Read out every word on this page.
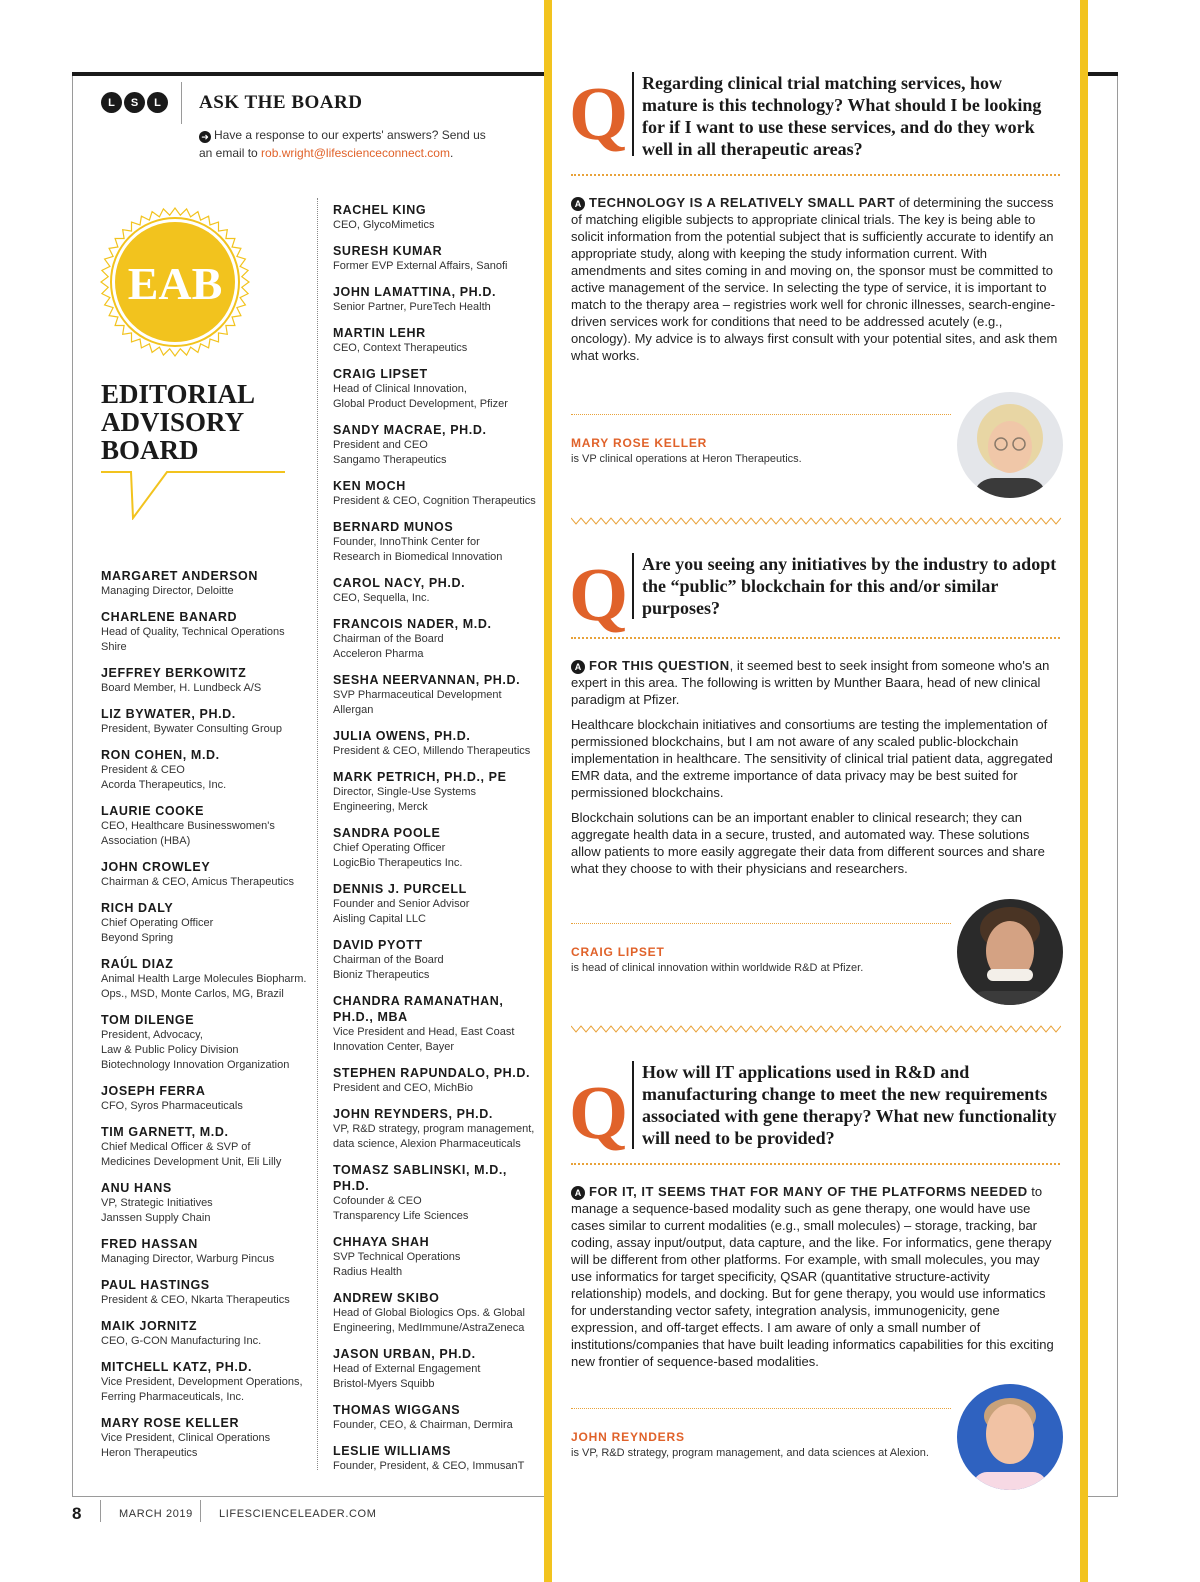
L	S	L	ASK THE BOARD
➜ Have a response to our experts' answers? Send us an email to rob.wright@lifescienceconnect.com.
EAB
EDITORIAL
ADVISORY
BOARD
MARGARET ANDERSON
Managing Director, Deloitte
CHARLENE BANARD
Head of Quality, Technical Operations
Shire
JEFFREY BERKOWITZ
Board Member, H. Lundbeck A/S
LIZ BYWATER, PH.D.
President, Bywater Consulting Group
RON COHEN, M.D.
President & CEO
Acorda Therapeutics, Inc.
LAURIE COOKE
CEO, Healthcare Businesswomen's
Association (HBA)
JOHN CROWLEY
Chairman & CEO, Amicus Therapeutics
RICH DALY
Chief Operating Officer
Beyond Spring
RAÚL DIAZ
Animal Health Large Molecules Biopharm.
Ops., MSD, Monte Carlos, MG, Brazil
TOM DILENGE
President, Advocacy,
Law & Public Policy Division
Biotechnology Innovation Organization
JOSEPH FERRA
CFO, Syros Pharmaceuticals
TIM GARNETT, M.D.
Chief Medical Officer & SVP of
Medicines Development Unit, Eli Lilly
ANU HANS
VP, Strategic Initiatives
Janssen Supply Chain
FRED HASSAN
Managing Director, Warburg Pincus
PAUL HASTINGS
President & CEO, Nkarta Therapeutics
MAIK JORNITZ
CEO, G-CON Manufacturing Inc.
MITCHELL KATZ, PH.D.
Vice President, Development Operations,
Ferring Pharmaceuticals, Inc.
MARY ROSE KELLER
Vice President, Clinical Operations
Heron Therapeutics
RACHEL KING
CEO, GlycoMimetics
SURESH KUMAR
Former EVP External Affairs, Sanofi
JOHN LAMATTINA, PH.D.
Senior Partner, PureTech Health
MARTIN LEHR
CEO, Context Therapeutics
CRAIG LIPSET
Head of Clinical Innovation,
Global Product Development, Pfizer
SANDY MACRAE, PH.D.
President and CEO
Sangamo Therapeutics
KEN MOCH
President & CEO, Cognition Therapeutics
BERNARD MUNOS
Founder, InnoThink Center for
Research in Biomedical Innovation
CAROL NACY, PH.D.
CEO, Sequella, Inc.
FRANCOIS NADER, M.D.
Chairman of the Board
Acceleron Pharma
SESHA NEERVANNAN, PH.D.
SVP Pharmaceutical Development
Allergan
JULIA OWENS, PH.D.
President & CEO, Millendo Therapeutics
MARK PETRICH, PH.D., PE
Director, Single-Use Systems
Engineering, Merck
SANDRA POOLE
Chief Operating Officer
LogicBio Therapeutics Inc.
DENNIS J. PURCELL
Founder and Senior Advisor
Aisling Capital LLC
DAVID PYOTT
Chairman of the Board
Bioniz Therapeutics
CHANDRA RAMANATHAN, PH.D., MBA
Vice President and Head, East Coast
Innovation Center, Bayer
STEPHEN RAPUNDALO, PH.D.
President and CEO, MichBio
JOHN REYNDERS, PH.D.
VP, R&D strategy, program management,
data science, Alexion Pharmaceuticals
TOMASZ SABLINSKI, M.D., PH.D.
Cofounder & CEO
Transparency Life Sciences
CHHAYA SHAH
SVP Technical Operations
Radius Health
ANDREW SKIBO
Head of Global Biologics Ops. & Global
Engineering, MedImmune/AstraZeneca
JASON URBAN, PH.D.
Head of External Engagement
Bristol-Myers Squibb
THOMAS WIGGANS
Founder, CEO, & Chairman, Dermira
LESLIE WILLIAMS
Founder, President, & CEO, ImmusanT
Q Regarding clinical trial matching services, how mature is this technology? What should I be looking for if I want to use these services, and do they work well in all therapeutic areas?

A TECHNOLOGY IS A RELATIVELY SMALL PART of determining the success of matching eligible subjects to appropriate clinical trials. The key is being able to solicit information from the potential subject that is sufficiently accurate to identify an appropriate study, along with keeping the study information current. With amendments and sites coming in and moving on, the sponsor must be committed to active management of the service. In selecting the type of service, it is important to match to the therapy area – registries work well for chronic illnesses, search-engine-driven services work for conditions that need to be addressed acutely (e.g., oncology). My advice is to always first consult with your potential sites, and ask them what works.

MARY ROSE KELLER
is VP clinical operations at Heron Therapeutics.
Q Are you seeing any initiatives by the industry to adopt the “public” blockchain for this and/or similar purposes?

A FOR THIS QUESTION, it seemed best to seek insight from someone who's an expert in this area. The following is written by Munther Baara, head of new clinical paradigm at Pfizer.

Healthcare blockchain initiatives and consortiums are testing the implementation of permissioned blockchains, but I am not aware of any scaled public-blockchain implementation in healthcare. The sensitivity of clinical trial patient data, aggregated EMR data, and the extreme importance of data privacy may be best suited for permissioned blockchains.

Blockchain solutions can be an important enabler to clinical research; they can aggregate health data in a secure, trusted, and automated way. These solutions allow patients to more easily aggregate their data from different sources and share what they choose to with their physicians and researchers.

CRAIG LIPSET
is head of clinical innovation within worldwide R&D at Pfizer.
Q How will IT applications used in R&D and manufacturing change to meet the new requirements associated with gene therapy? What new functionality will need to be provided?

A FOR IT, IT SEEMS THAT FOR MANY OF THE PLATFORMS NEEDED to manage a sequence-based modality such as gene therapy, one would have use cases similar to current modalities (e.g., small molecules) – storage, tracking, bar coding, assay input/output, data capture, and the like. For informatics, gene therapy will be different from other platforms. For example, with small molecules, you may use informatics for target specificity, QSAR (quantitative structure-activity relationship) models, and docking. But for gene therapy, you would use informatics for understanding vector safety, integration analysis, immunogenicity, gene expression, and off-target effects. I am aware of only a small number of institutions/companies that have built leading informatics capabilities for this exciting new frontier of sequence-based modalities.

JOHN REYNDERS
is VP, R&D strategy, program management, and data sciences at Alexion.
8	MARCH 2019 LIFESCIENCELEADER.COM
